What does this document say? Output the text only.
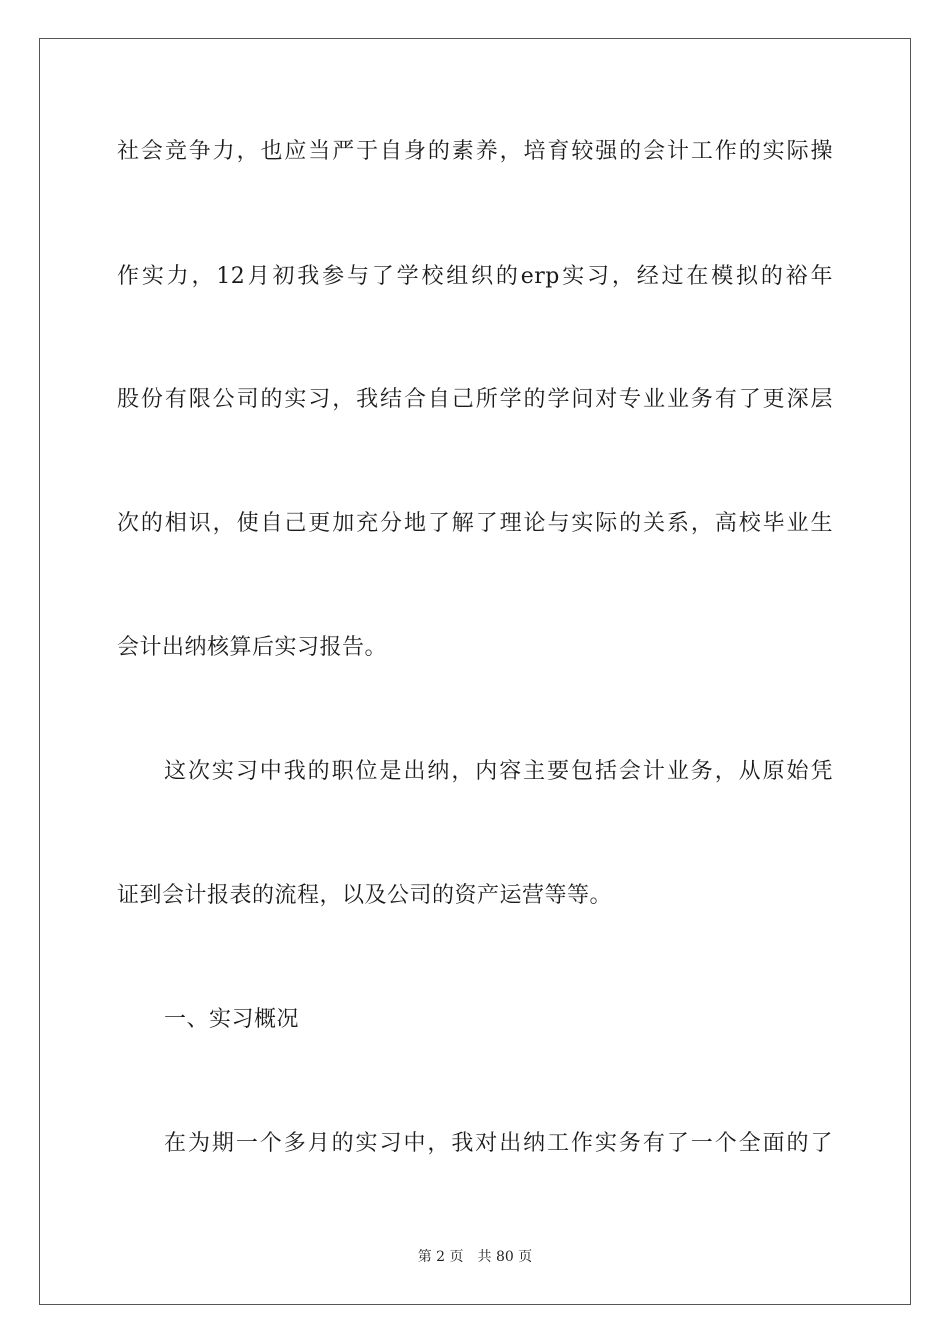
社会竞争力，也应当严于自身的素养，培育较强的会计工作的实际操
作实力，12月初我参与了学校组织的erp实习，经过在模拟的裕年
股份有限公司的实习，我结合自己所学的学问对专业业务有了更深层
次的相识，使自己更加充分地了解了理论与实际的关系，高校毕业生
会计出纳核算后实习报告。
这次实习中我的职位是出纳，内容主要包括会计业务，从原始凭
证到会计报表的流程，以及公司的资产运营等等。
一、实习概况
在为期一个多月的实习中，我对出纳工作实务有了一个全面的了
第 2 页 共 80 页
